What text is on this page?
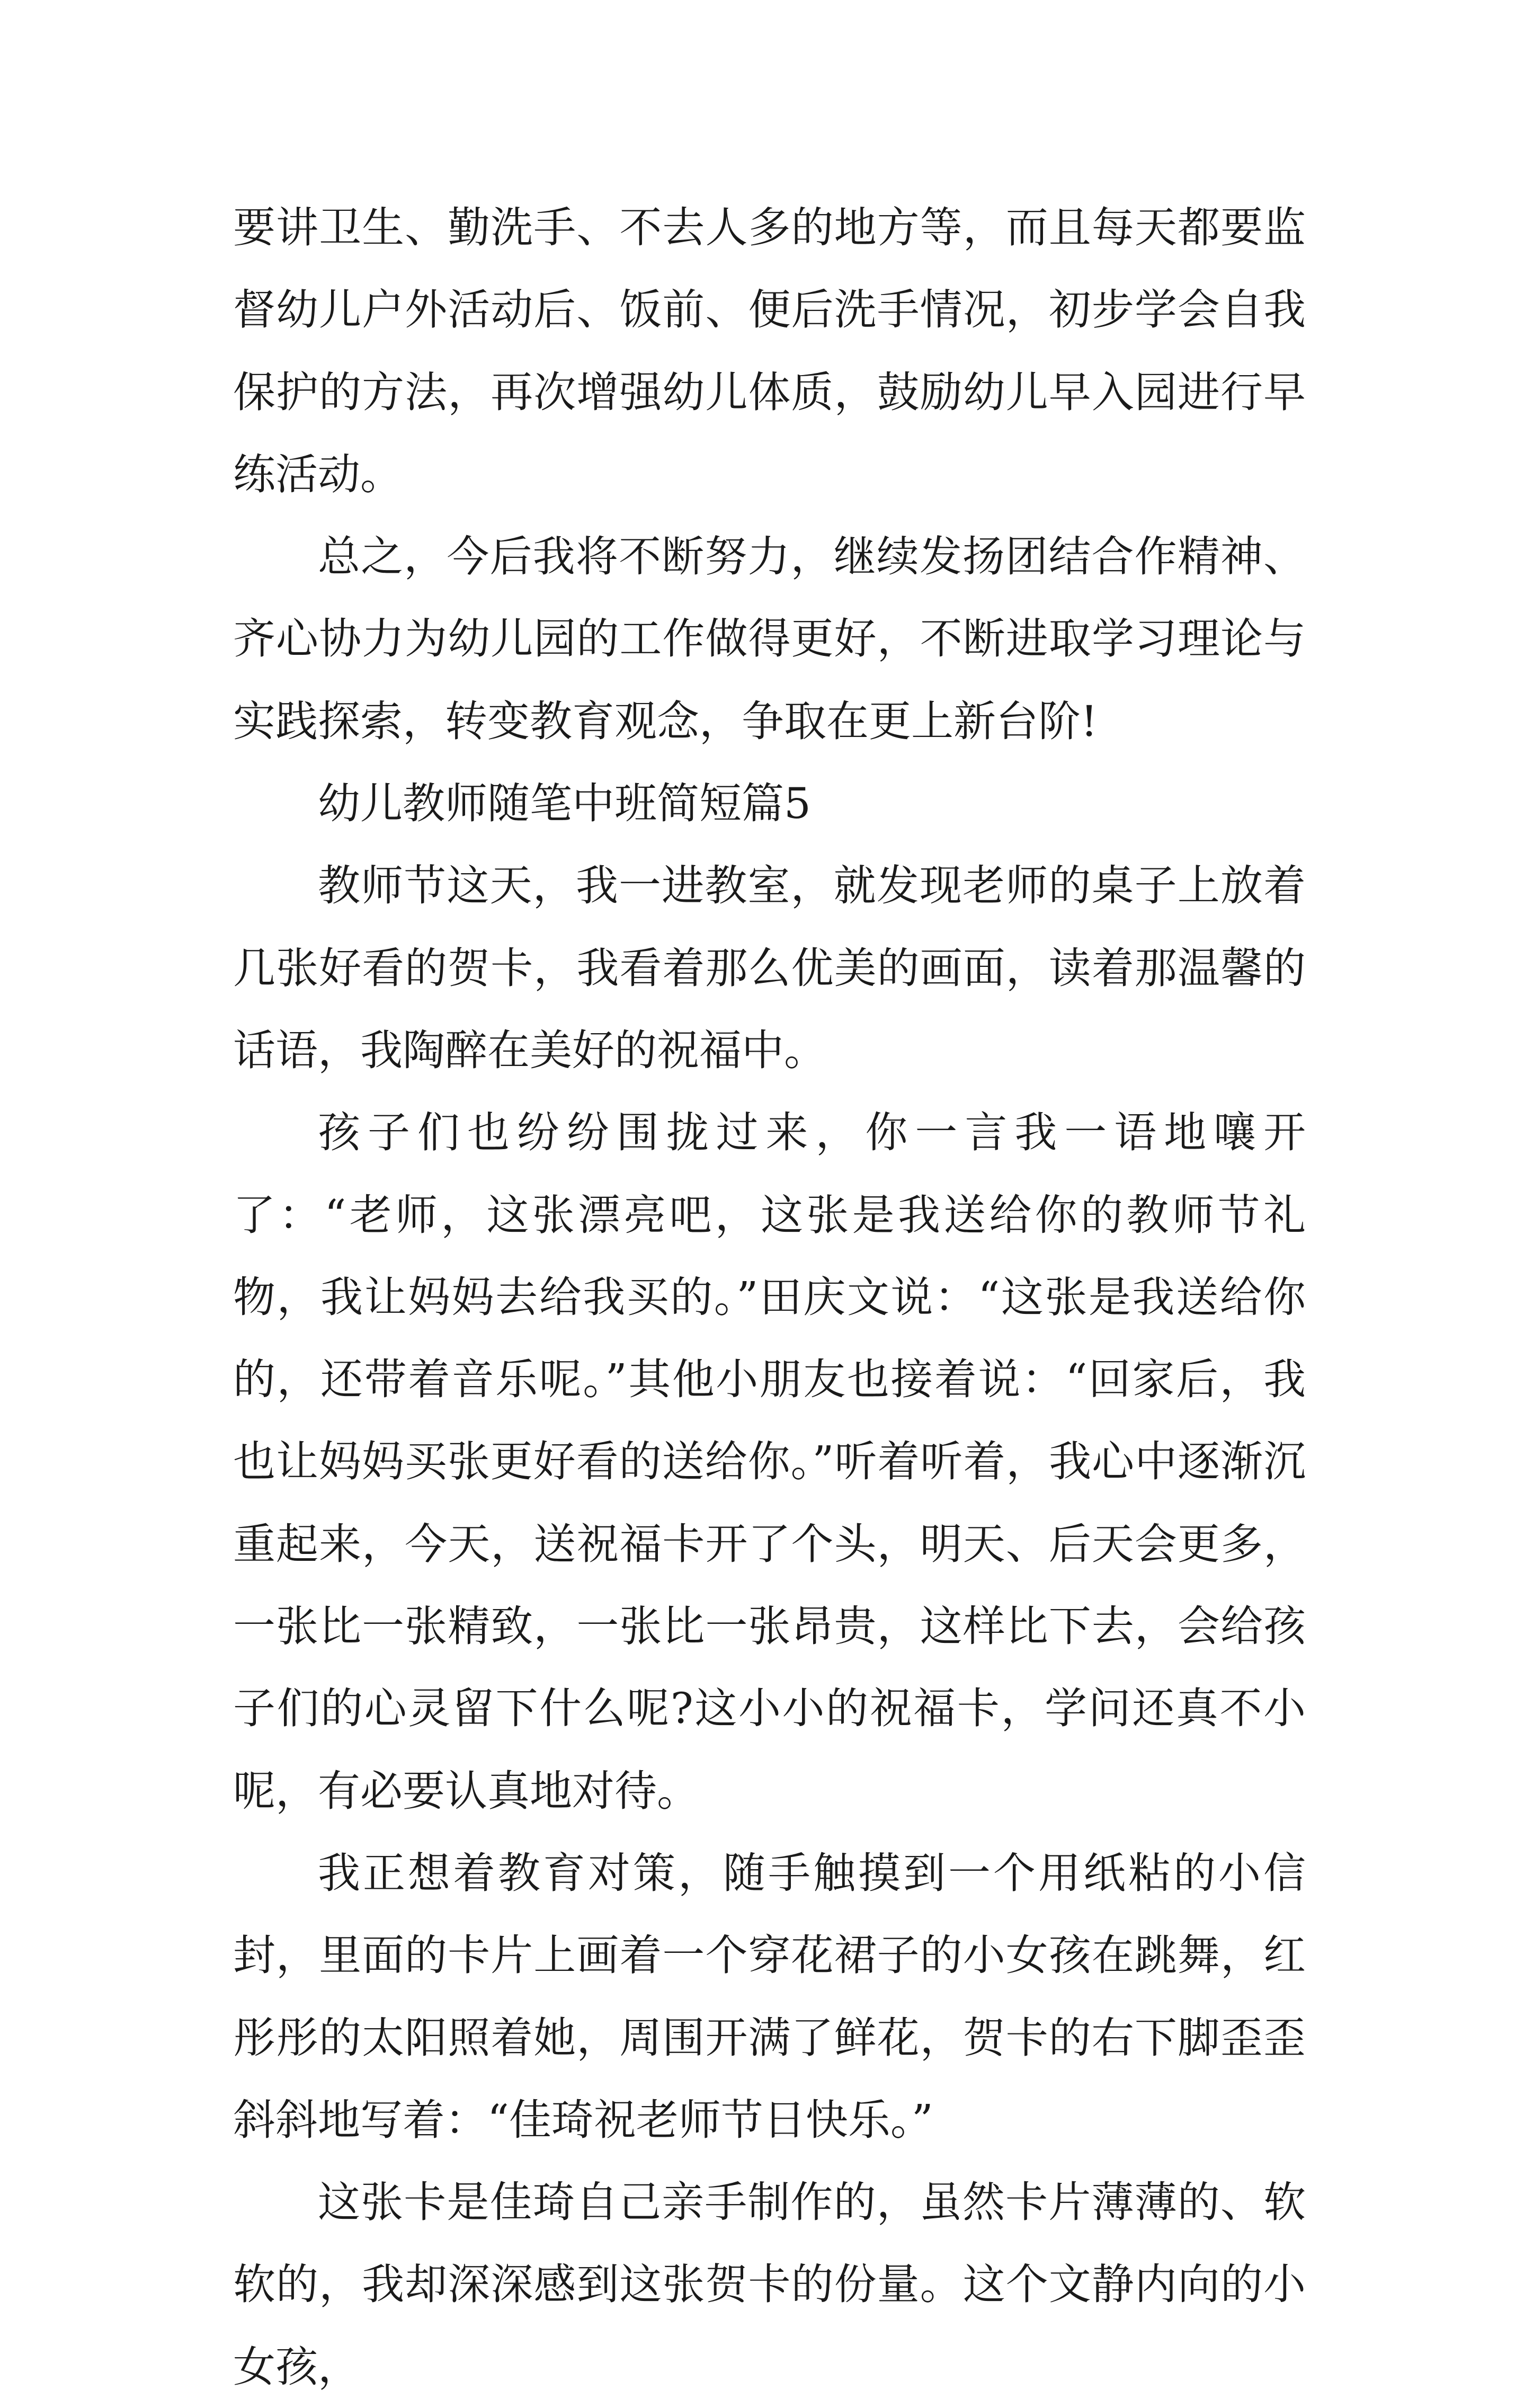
要讲卫生、勤洗手、不去人多的地方等，而且每天都要监督幼儿户外活动后、饭前、便后洗手情况，初步学会自我保护的方法，再次增强幼儿体质，鼓励幼儿早入园进行早练活动。

总之，今后我将不断努力，继续发扬团结合作精神、齐心协力为幼儿园的工作做得更好，不断进取学习理论与实践探索，转变教育观念，争取在更上新台阶!

幼儿教师随笔中班简短篇5

教师节这天，我一进教室，就发现老师的桌子上放着几张好看的贺卡，我看着那么优美的画面，读着那温馨的话语，我陶醉在美好的祝福中。

孩子们也纷纷围拢过来，你一言我一语地嚷开了：“老师，这张漂亮吧，这张是我送给你的教师节礼物，我让妈妈去给我买的。”田庆文说：“这张是我送给你的，还带着音乐呢。”其他小朋友也接着说：“回家后，我也让妈妈买张更好看的送给你。”听着听着，我心中逐渐沉重起来，今天，送祝福卡开了个头，明天、后天会更多，一张比一张精致，一张比一张昂贵，这样比下去，会给孩子们的心灵留下什么呢?这小小的祝福卡，学问还真不小呢，有必要认真地对待。

我正想着教育对策，随手触摸到一个用纸粘的小信封，里面的卡片上画着一个穿花裙子的小女孩在跳舞，红彤彤的太阳照着她，周围开满了鲜花，贺卡的右下脚歪歪斜斜地写着：“佳琦祝老师节日快乐。”

这张卡是佳琦自己亲手制作的，虽然卡片薄薄的、软软的，我却深深感到这张贺卡的份量。这个文静内向的小女孩，
